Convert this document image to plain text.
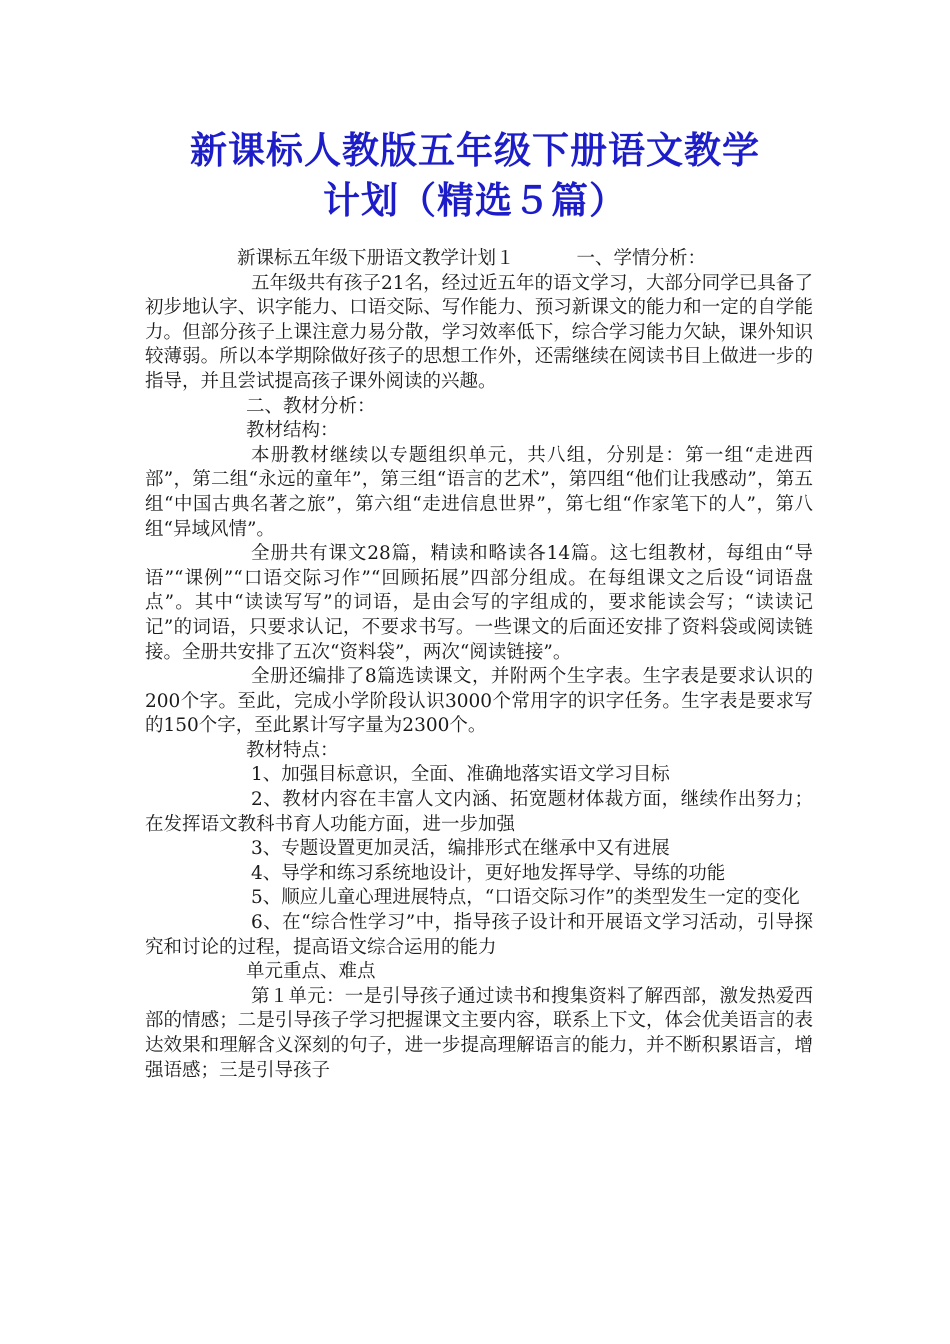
新课标人教版五年级下册语文教学
计划（精选５篇）

新课标五年级下册语文教学计划１	一、学情分析：

五年级共有孩子21名，经过近五年的语文学习，大部分同学已具备了初步地认字、识字能力、口语交际、写作能力、预习新课文的能力和一定的自学能力。但部分孩子上课注意力易分散，学习效率低下，综合学习能力欠缺，课外知识较薄弱。所以本学期除做好孩子的思想工作外，还需继续在阅读书目上做进一步的指导，并且尝试提高孩子课外阅读的兴趣。

二、教材分析：

教材结构：

本册教材继续以专题组织单元，共八组，分别是：第一组“走进西部”，第二组“永远的童年”，第三组“语言的艺术”，第四组“他们让我感动”，第五组“中国古典名著之旅”，第六组“走进信息世界”，第七组“作家笔下的人”，第八组“异域风情”。

全册共有课文28篇，精读和略读各14篇。这七组教材，每组由“导语”“课例”“口语交际习作”“回顾拓展”四部分组成。在每组课文之后设“词语盘点”。其中“读读写写”的词语，是由会写的字组成的，要求能读会写；“读读记记”的词语，只要求认记，不要求书写。一些课文的后面还安排了资料袋或阅读链接。全册共安排了五次“资料袋”，两次“阅读链接”。

全册还编排了8篇选读课文，并附两个生字表。生字表是要求认识的200个字。至此，完成小学阶段认识3000个常用字的识字任务。生字表是要求写的150个字，至此累计写字量为2300个。

教材特点：

1、加强目标意识，全面、准确地落实语文学习目标

2、教材内容在丰富人文内涵、拓宽题材体裁方面，继续作出努力；在发挥语文教科书育人功能方面，进一步加强

3、专题设置更加灵活，编排形式在继承中又有进展

4、导学和练习系统地设计，更好地发挥导学、导练的功能

5、顺应儿童心理进展特点，“口语交际习作”的类型发生一定的变化

6、在“综合性学习”中，指导孩子设计和开展语文学习活动，引导探究和讨论的过程，提高语文综合运用的能力

单元重点、难点

第１单元：一是引导孩子通过读书和搜集资料了解西部，激发热爱西部的情感；二是引导孩子学习把握课文主要内容，联系上下文，体会优美语言的表达效果和理解含义深刻的句子，进一步提高理解语言的能力，并不断积累语言，增强语感；三是引导孩子
